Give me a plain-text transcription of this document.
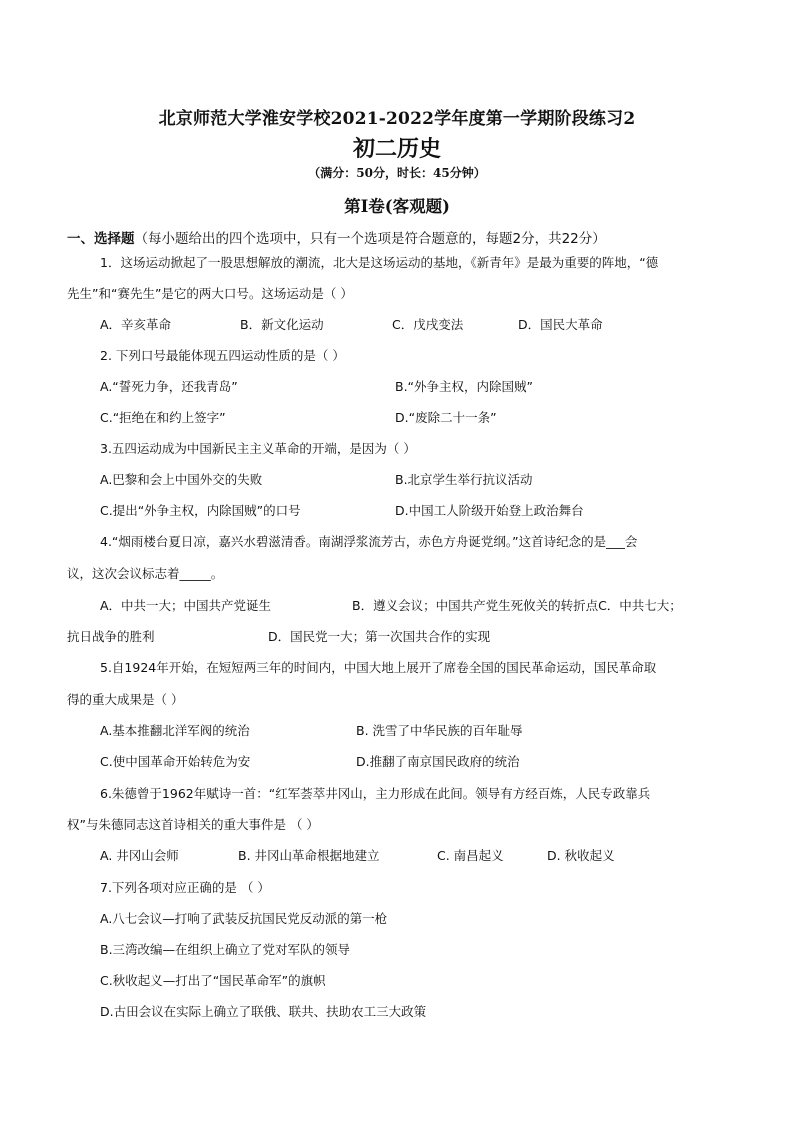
北京师范大学淮安学校2021-2022学年度第一学期阶段练习2
初二历史
（满分：50分，时长：45分钟）
第Ⅰ卷(客观题)
一、选择题（每小题给出的四个选项中，只有一个选项是符合题意的，每题2分，共22分）
1．这场运动掀起了一股思想解放的潮流，北大是这场运动的基地，《新青年》是最为重要的阵地，“德
先生”和“赛先生”是它的两大口号。这场运动是（ ）
A．辛亥革命	B．新文化运动	C．戊戌变法	D．国民大革命
2. 下列口号最能体现五四运动性质的是（ ）
A.“誓死力争，还我青岛”	B.“外争主权，内除国贼”
C.“拒绝在和约上签字”	D.“废除二十一条”
3.五四运动成为中国新民主主义革命的开端，是因为（ ）
A.巴黎和会上中国外交的失败	B.北京学生举行抗议活动
C.提出“外争主权，内除国贼”的口号	D.中国工人阶级开始登上政治舞台
4.“烟雨楼台夏日凉，嘉兴水碧滋清香。南湖浮浆流芳古，赤色方舟诞党纲。”这首诗纪念的是___会
议，这次会议标志着_____。
A．中共一大；中国共产党诞生	B．遵义会议；中国共产党生死攸关的转折点C．中共七大；
抗日战争的胜利	D．国民党一大；第一次国共合作的实现
5.自1924年开始，在短短两三年的时间内，中国大地上展开了席卷全国的国民革命运动，国民革命取
得的重大成果是（ ）
A.基本推翻北洋军阀的统治	B. 洗雪了中华民族的百年耻辱
C.使中国革命开始转危为安	D.推翻了南京国民政府的统治
6.朱德曾于1962年赋诗一首：“红军荟萃井冈山，主力形成在此间。领导有方经百炼，人民专政靠兵
权”与朱德同志这首诗相关的重大事件是 （ ）
A. 井冈山会师	B. 井冈山革命根据地建立	C. 南昌起义	D. 秋收起义
7.下列各项对应正确的是 （ ）
A.八七会议—打响了武装反抗国民党反动派的第一枪
B.三湾改编—在组织上确立了党对军队的领导
C.秋收起义—打出了“国民革命军”的旗帜
D.古田会议在实际上确立了联俄、联共、扶助农工三大政策
